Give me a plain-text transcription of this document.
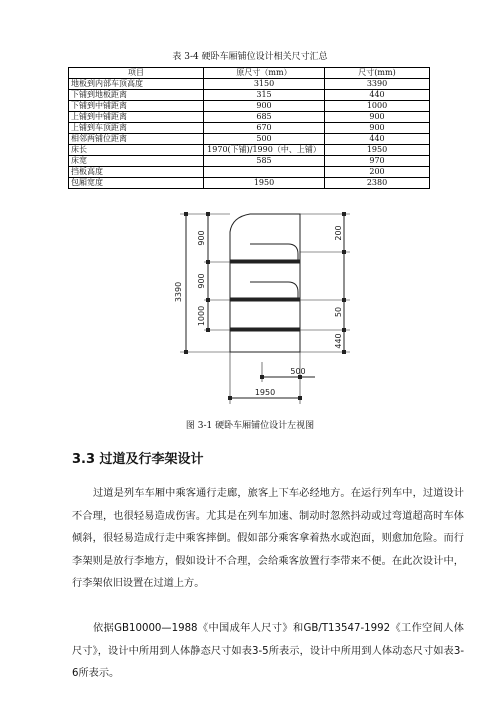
表 3-4 硬卧车厢铺位设计相关尺寸汇总
项目	原尺寸（mm）	尺寸(mm)
地板到内部车顶高度	3150	3390
下铺到地板距离	315	440
下铺到中铺距离	900	1000
上铺到中铺距离	685	900
上铺到车顶距离	670	900
相邻两铺位距离	500	440
床长	1970(下铺)/1990（中、上铺）	1950
床宽	585	970
挡板高度		200
包厢宽度	1950	2380
3390
900
900
1000
200
50
440
500
1950
图 3-1 硬卧车厢铺位设计左视图
3.3 过道及行李架设计
过道是列车车厢中乘客通行走廊，旅客上下车必经地方。在运行列车中，过道设计不合理，也很轻易造成伤害。尤其是在列车加速、制动时忽然抖动或过弯道超高时车体倾斜，很轻易造成行走中乘客摔倒。假如部分乘客拿着热水或泡面，则愈加危险。而行李架则是放行李地方，假如设计不合理，会给乘客放置行李带来不便。在此次设计中，行李架依旧设置在过道上方。
依据GB10000—1988《中国成年人尺寸》和GB/T13547-1992《工作空间人体尺寸》，设计中所用到人体静态尺寸如表3-5所表示，设计中所用到人体动态尺寸如表3-6所表示。
